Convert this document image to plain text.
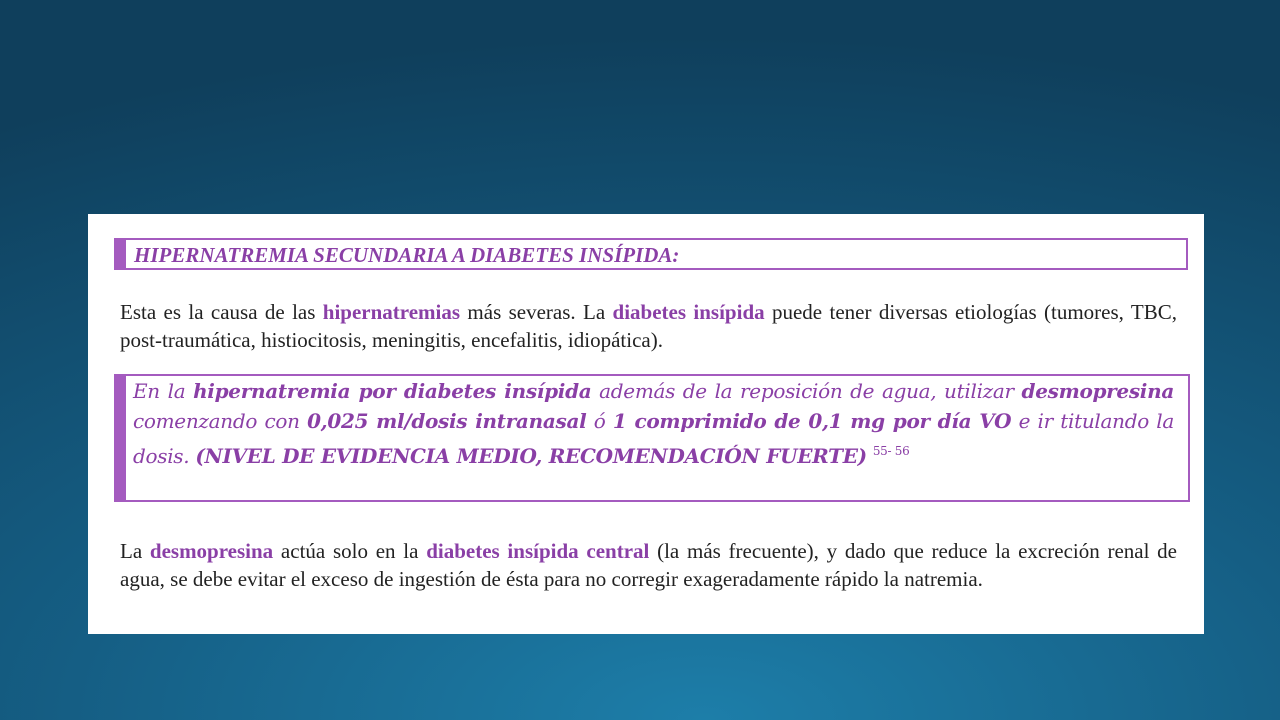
HIPERNATREMIA SECUNDARIA A DIABETES INSÍPIDA:

Esta es la causa de las hipernatremias más severas. La diabetes insípida puede tener diversas etiologías (tumores, TBC, post-traumática, histiocitosis, meningitis, encefalitis, idiopática).

En la hipernatremia por diabetes insípida además de la reposición de agua, utilizar desmopresina comenzando con 0,025 ml/dosis intranasal ó 1 comprimido de 0,1 mg por día VO e ir titulando la dosis. (NIVEL DE EVIDENCIA MEDIO, RECOMENDACIÓN FUERTE) $^{55- 56}$

La desmopresina actúa solo en la diabetes insípida central (la más frecuente), y dado que reduce la excreción renal de agua, se debe evitar el exceso de ingestión de ésta para no corregir exageradamente rápido la natremia.
